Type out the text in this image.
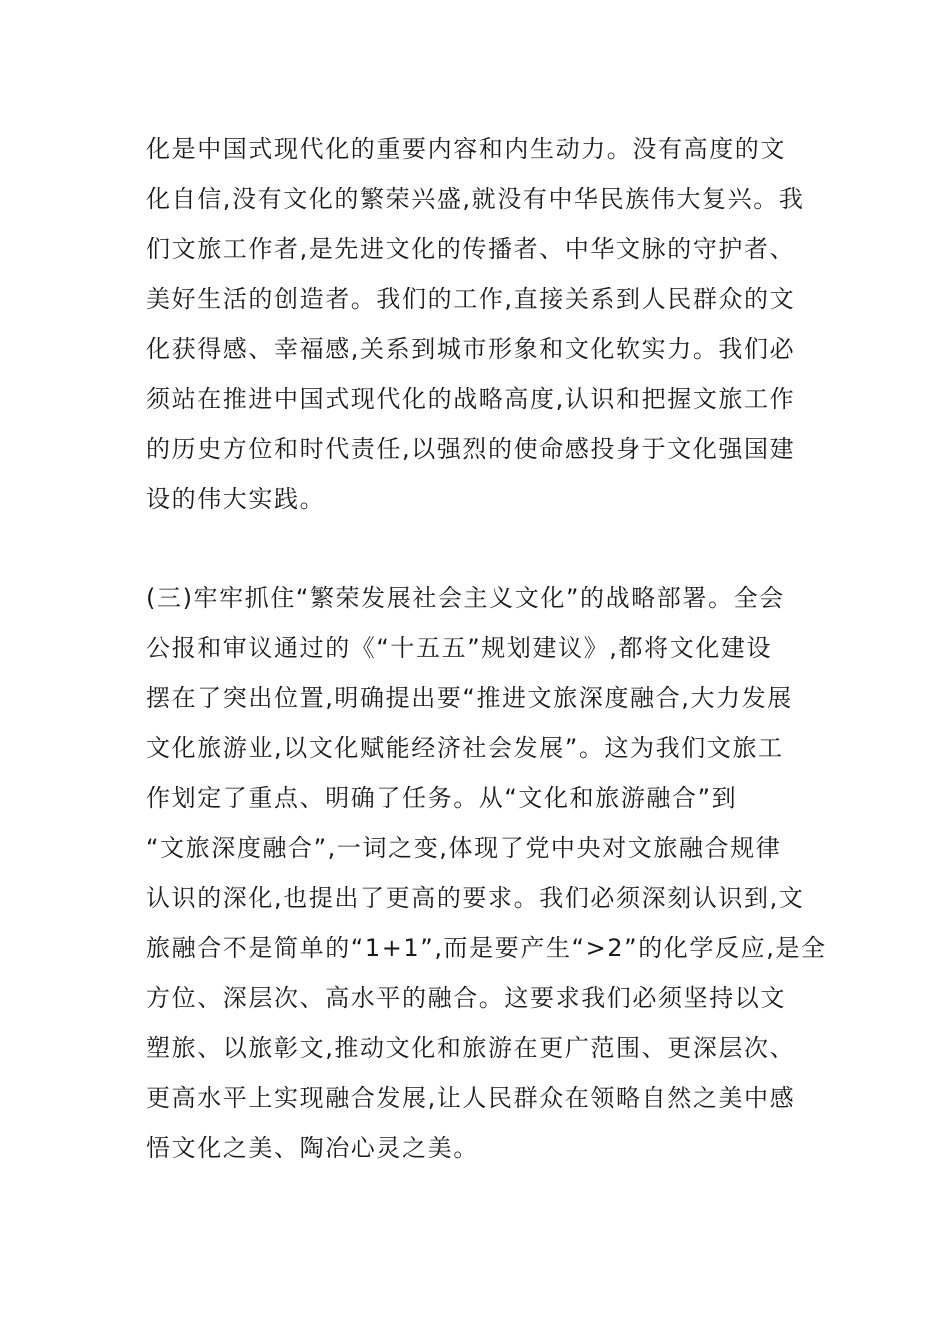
化是中国式现代化的重要内容和内生动力。没有高度的文
化自信,没有文化的繁荣兴盛,就没有中华民族伟大复兴。我
们文旅工作者,是先进文化的传播者、中华文脉的守护者、
美好生活的创造者。我们的工作,直接关系到人民群众的文
化获得感、幸福感,关系到城市形象和文化软实力。我们必
须站在推进中国式现代化的战略高度,认识和把握文旅工作
的历史方位和时代责任,以强烈的使命感投身于文化强国建
设的伟大实践。
(三)牢牢抓住“繁荣发展社会主义文化”的战略部署。全会
公报和审议通过的《“十五五”规划建议》,都将文化建设
摆在了突出位置,明确提出要“推进文旅深度融合,大力发展
文化旅游业,以文化赋能经济社会发展”。这为我们文旅工
作划定了重点、明确了任务。从“文化和旅游融合”到
“文旅深度融合”,一词之变,体现了党中央对文旅融合规律
认识的深化,也提出了更高的要求。我们必须深刻认识到,文
旅融合不是简单的“1+1”,而是要产生“>2”的化学反应,是全
方位、深层次、高水平的融合。这要求我们必须坚持以文
塑旅、以旅彰文,推动文化和旅游在更广范围、更深层次、
更高水平上实现融合发展,让人民群众在领略自然之美中感
悟文化之美、陶冶心灵之美。
